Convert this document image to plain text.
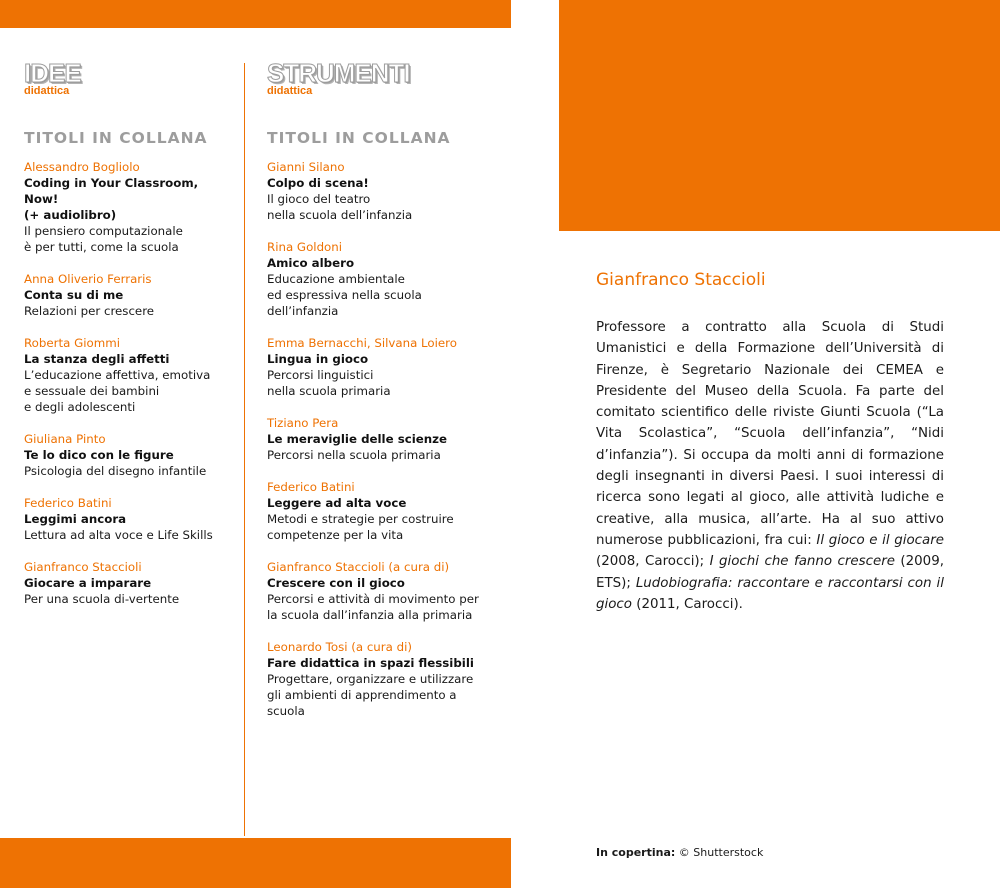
IDEE
didattica
TITOLI IN COLLANA
Alessandro Bogliolo
Coding in Your Classroom, Now!
(+ audiolibro)
Il pensiero computazionale
è per tutti, come la scuola
Anna Oliverio Ferraris
Conta su di me
Relazioni per crescere
Roberta Giommi
La stanza degli affetti
L’educazione affettiva, emotiva
e sessuale dei bambini
e degli adolescenti
Giuliana Pinto
Te lo dico con le figure
Psicologia del disegno infantile
Federico Batini
Leggimi ancora
Lettura ad alta voce e Life Skills
Gianfranco Staccioli
Giocare a imparare
Per una scuola di-vertente
STRUMENTI
didattica
TITOLI IN COLLANA
Gianni Silano
Colpo di scena!
Il gioco del teatro
nella scuola dell’infanzia
Rina Goldoni
Amico albero
Educazione ambientale
ed espressiva nella scuola
dell’infanzia
Emma Bernacchi, Silvana Loiero
Lingua in gioco
Percorsi linguistici
nella scuola primaria
Tiziano Pera
Le meraviglie delle scienze
Percorsi nella scuola primaria
Federico Batini
Leggere ad alta voce
Metodi e strategie per costruire
competenze per la vita
Gianfranco Staccioli (a cura di)
Crescere con il gioco
Percorsi e attività di movimento per
la scuola dall’infanzia alla primaria
Leonardo Tosi (a cura di)
Fare didattica in spazi flessibili
Progettare, organizzare e utilizzare
gli ambienti di apprendimento a
scuola
Gianfranco Staccioli
Professore a contratto alla Scuola di Studi Umanistici e della Formazione dell’Università di Firenze, è Segretario Nazionale dei CEMEA e Presidente del Museo della Scuola. Fa parte del comitato scientifico delle riviste Giunti Scuola (“La Vita Scolastica”, “Scuola dell’infanzia”, “Nidi d’infanzia”). Si occupa da molti anni di formazione degli insegnanti in diversi Paesi. I suoi interessi di ricerca sono legati al gioco, alle attività ludiche e creative, alla musica, all’arte. Ha al suo attivo numerose pubblicazioni, fra cui: Il gioco e il giocare (2008, Carocci); I giochi che fanno crescere (2009, ETS); Ludobiografia: raccontare e raccontarsi con il gioco (2011, Carocci).
In copertina: © Shutterstock
